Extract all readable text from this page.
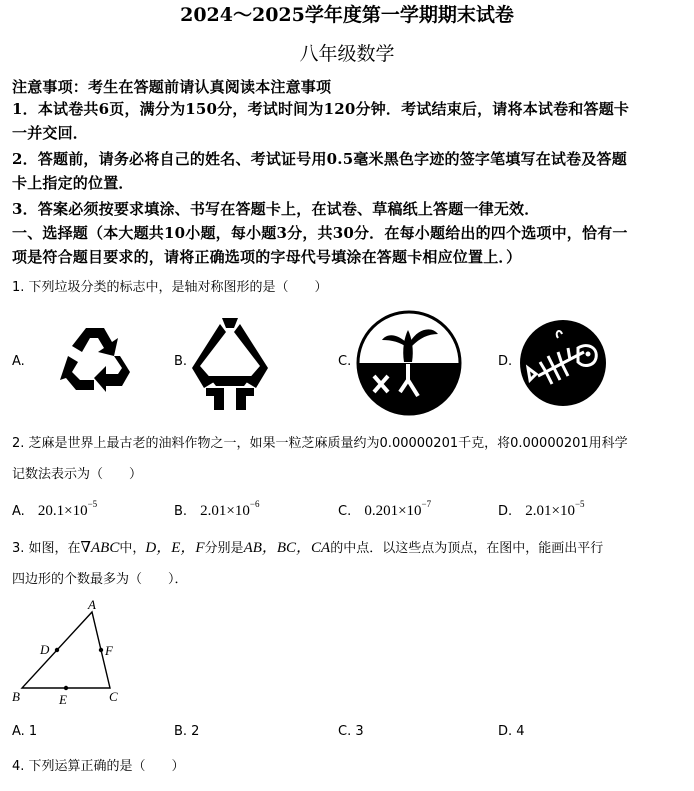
2024～2025学年度第一学期期末试卷
八年级数学
注意事项：考生在答题前请认真阅读本注意事项
1．本试卷共6页，满分为150分，考试时间为120分钟．考试结束后，请将本试卷和答题卡
一并交回．
2．答题前，请务必将自己的姓名、考试证号用0.5毫米黑色字迹的签字笔填写在试卷及答题
卡上指定的位置．
3．答案必须按要求填涂、书写在答题卡上，在试卷、草稿纸上答题一律无效．
一、选择题（本大题共10小题，每小题3分，共30分．在每小题给出的四个选项中，恰有一
项是符合题目要求的，请将正确选项的字母代号填涂在答题卡相应位置上．）
1. 下列垃圾分类的标志中，是轴对称图形的是（　　）
A.	B.	C.	D.
2. 芝麻是世界上最古老的油料作物之一，如果一粒芝麻质量约为0.00000201千克，将0.00000201用科学
记数法表示为（　　）
A. $20.1\times 10^{-5}$	B. $2.01\times 10^{-6}$	C. $0.201\times 10^{-7}$	D. $2.01\times 10^{-5}$
3. 如图，在∇ABC中，D，E，F分别是AB，BC，CA的中点．以这些点为顶点，在图中，能画出平行
四边形的个数最多为（　　）．
A
D	F
B	E	C
A. 1	B. 2	C. 3	D. 4
4. 下列运算正确的是（　　）
